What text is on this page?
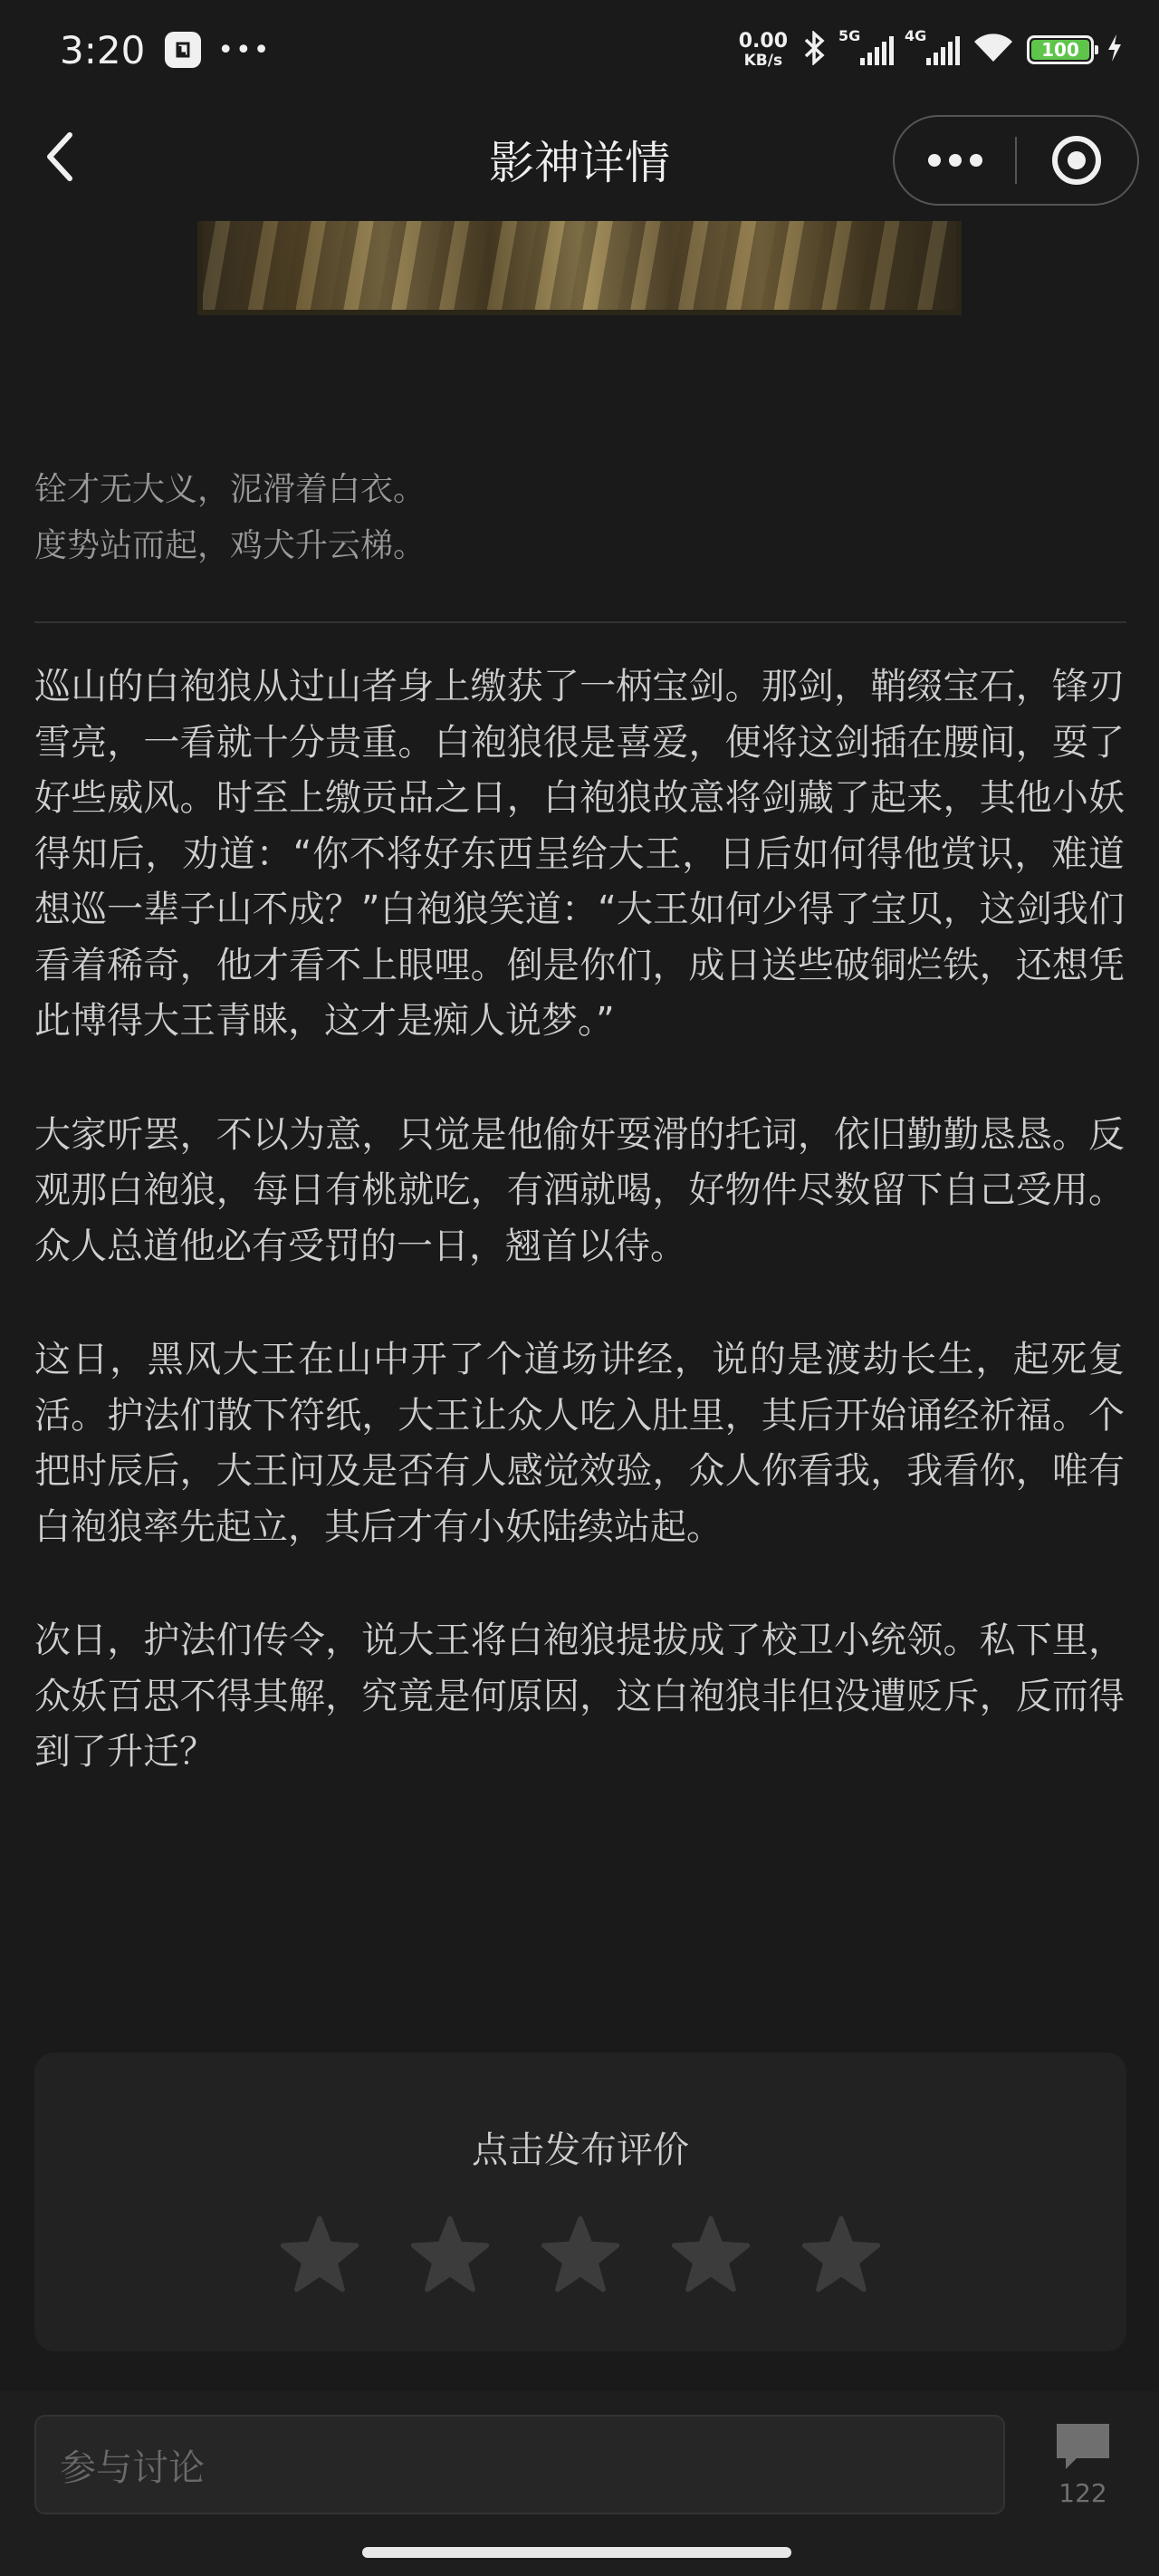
3:20	•••	0.00
KB/s
5G	4G
100
影神详情
铨才无大义，泥滑着白衣。
度势站而起，鸡犬升云梯。

巡山的白袍狼从过山者身上缴获了一柄宝剑。那剑，鞘缀宝石，锋刃雪亮，一看就十分贵重。白袍狼很是喜爱，便将这剑插在腰间，耍了好些威风。时至上缴贡品之日，白袍狼故意将剑藏了起来，其他小妖得知后，劝道：“你不将好东西呈给大王，日后如何得他赏识，难道想巡一辈子山不成？”白袍狼笑道：“大王如何少得了宝贝，这剑我们看着稀奇，他才看不上眼哩。倒是你们，成日送些破铜烂铁，还想凭此博得大王青睐，这才是痴人说梦。”

大家听罢，不以为意，只觉是他偷奸耍滑的托词，依旧勤勤恳恳。反观那白袍狼，每日有桃就吃，有酒就喝，好物件尽数留下自己受用。众人总道他必有受罚的一日，翘首以待。

这日，黑风大王在山中开了个道场讲经，说的是渡劫长生，起死复活。护法们散下符纸，大王让众人吃入肚里，其后开始诵经祈福。个把时辰后，大王问及是否有人感觉效验，众人你看我，我看你，唯有白袍狼率先起立，其后才有小妖陆续站起。

次日，护法们传令，说大王将白袍狼提拔成了校卫小统领。私下里，众妖百思不得其解，究竟是何原因，这白袍狼非但没遭贬斥，反而得到了升迁？

点击发布评价
参与讨论
122
